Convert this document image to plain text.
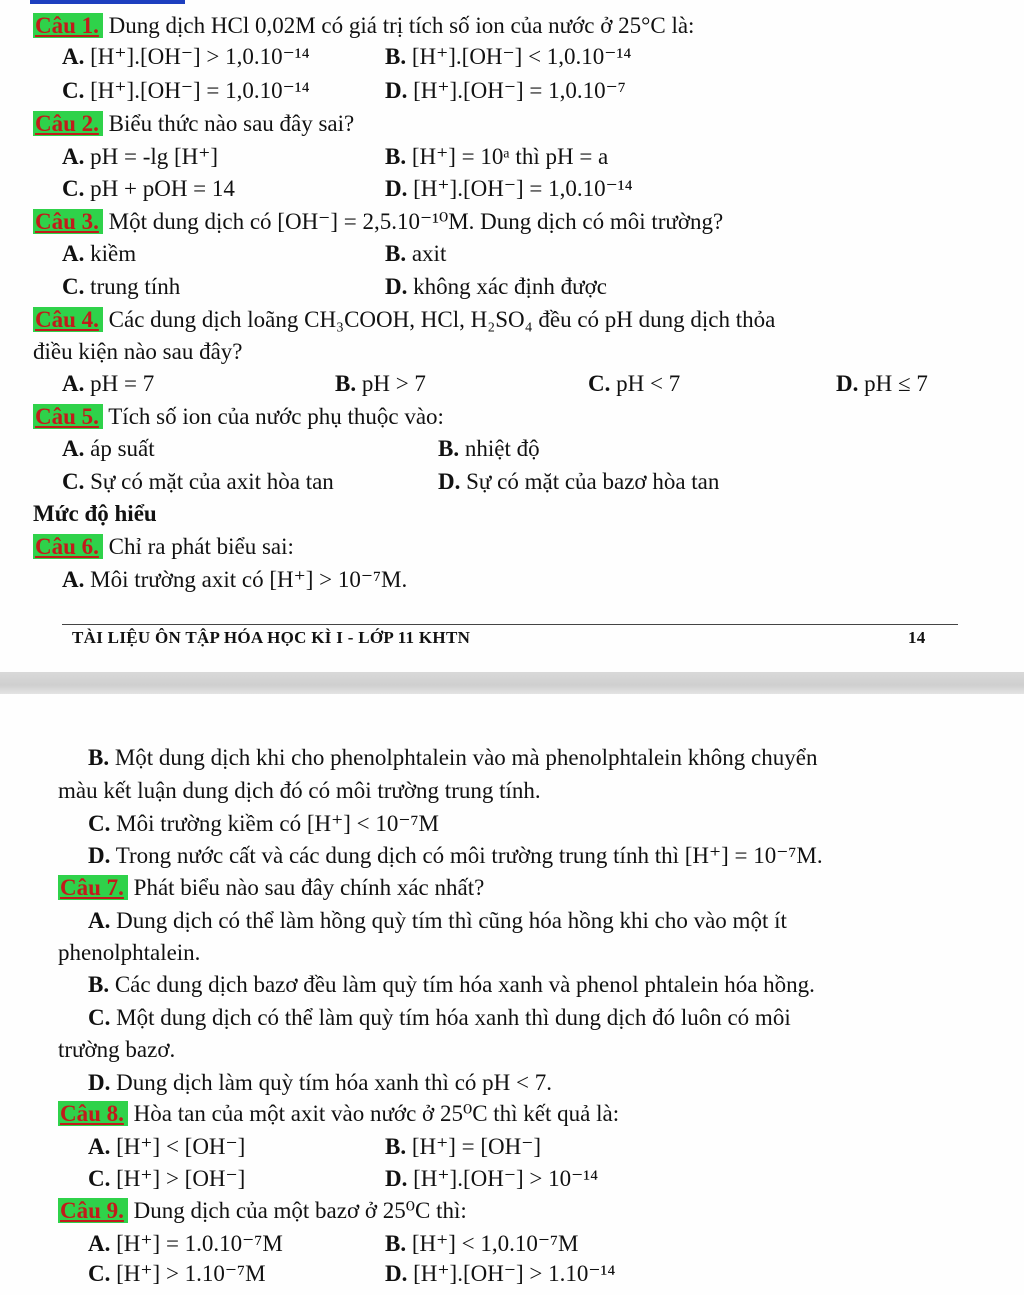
Câu 1. Dung dịch HCl 0,02M có giá trị tích số ion của nước ở 25°C là:
A. [H⁺].[OH⁻] > 1,0.10⁻¹⁴	B. [H⁺].[OH⁻] < 1,0.10⁻¹⁴
C. [H⁺].[OH⁻] = 1,0.10⁻¹⁴	D. [H⁺].[OH⁻] = 1,0.10⁻⁷
Câu 2. Biểu thức nào sau đây sai?
A. pH = -lg [H⁺]	B. [H⁺] = 10ᵃ thì pH = a
C. pH + pOH = 14	D. [H⁺].[OH⁻] = 1,0.10⁻¹⁴
Câu 3. Một dung dịch có [OH⁻] = 2,5.10⁻¹⁰M. Dung dịch có môi trường?
A. kiềm	B. axit
C. trung tính	D. không xác định được
Câu 4. Các dung dịch loãng CH₃COOH, HCl, H₂SO₄ đều có pH dung dịch thỏa
điều kiện nào sau đây?
A. pH = 7	B. pH > 7	C. pH < 7	D. pH ≤ 7
Câu 5. Tích số ion của nước phụ thuộc vào:
A. áp suất	B. nhiệt độ
C. Sự có mặt của axit hòa tan	D. Sự có mặt của bazơ hòa tan
Mức độ hiểu
Câu 6. Chỉ ra phát biểu sai:
A. Môi trường axit có [H⁺] > 10⁻⁷M.
TÀI LIỆU ÔN TẬP HÓA HỌC KÌ I - LỚP 11 KHTN	14
B. Một dung dịch khi cho phenolphtalein vào mà phenolphtalein không chuyển
màu kết luận dung dịch đó có môi trường trung tính.
C. Môi trường kiềm có [H⁺] < 10⁻⁷M
D. Trong nước cất và các dung dịch có môi trường trung tính thì [H⁺] = 10⁻⁷M.
Câu 7. Phát biểu nào sau đây chính xác nhất?
A. Dung dịch có thể làm hồng quỳ tím thì cũng hóa hồng khi cho vào một ít
phenolphtalein.
B. Các dung dịch bazơ đều làm quỳ tím hóa xanh và phenol phtalein hóa hồng.
C. Một dung dịch có thể làm quỳ tím hóa xanh thì dung dịch đó luôn có môi
trường bazơ.
D. Dung dịch làm quỳ tím hóa xanh thì có pH < 7.
Câu 8. Hòa tan của một axit vào nước ở 25⁰C thì kết quả là:
A. [H⁺] < [OH⁻]	B. [H⁺] = [OH⁻]
C. [H⁺] > [OH⁻]	D. [H⁺].[OH⁻] > 10⁻¹⁴
Câu 9. Dung dịch của một bazơ ở 25⁰C thì:
A. [H⁺] = 1.0.10⁻⁷M	B. [H⁺] < 1,0.10⁻⁷M
C. [H⁺] > 1.10⁻⁷M	D. [H⁺].[OH⁻] > 1.10⁻¹⁴
